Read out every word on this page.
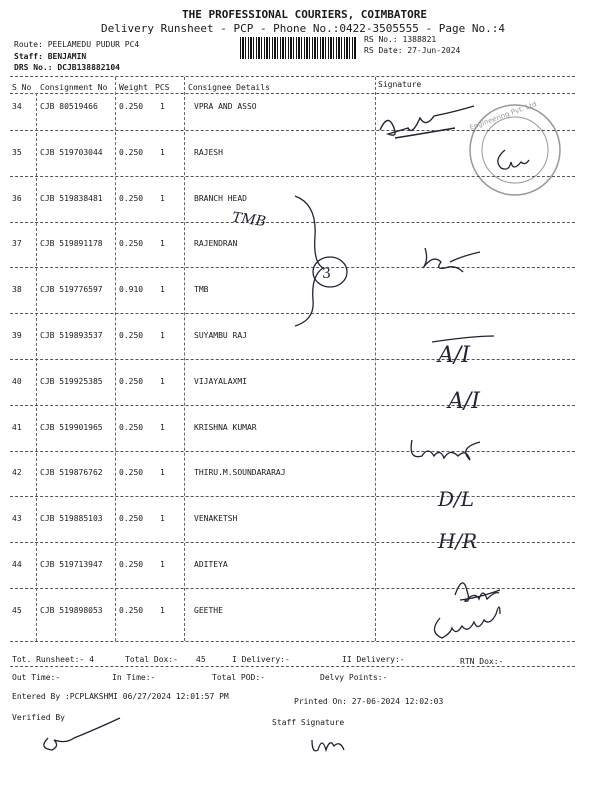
THE PROFESSIONAL COURIERS, COIMBATORE
Delivery Runsheet - PCP - Phone No.:0422-3505555 - Page No.:4
Route: PEELAMEDU PUDUR PC4
Staff: BENJAMIN
DRS No.: DCJB138882104
RS No.: 1388821
RS Date: 27-Jun-2024
S No Consignment No Weight PCS Consignee Details	Signature
34 CJB 80519466	0.250 1	VPRA AND ASSO
35 CJB 519703044 0.250 1	RAJESH
36 CJB 519838481 0.250 1	BRANCH HEAD
37 CJB 519891178 0.250 1	RAJENDRAN
38 CJB 519776597 0.910 1	TMB
39 CJB 519893537 0.250 1	SUYAMBU RAJ
40 CJB 519925385 0.250 1	VIJAYALAXMI
41 CJB 519901965 0.250 1	KRISHNA KUMAR
42 CJB 519876762 0.250 1	THIRU.M.SOUNDARARAJ
43 CJB 519885103 0.250 1	VENAKETSH
44 CJB 519713947 0.250 1	ADITEYA
45 CJB 519898053 0.250 1	GEETHE
Engineering Pvt. Ltd
TMB
3
A/I
A/I
D/L
H/R
Tot. Runsheet:- 4	Total Dox:- 45	I Delivery:-	II Delivery:-	RTN Dox:-
Out Time:-	In Time:-	Total POD:-	Delvy Points:-
Entered By :PCPLAKSHMI 06/27/2024 12:01:57 PM
Printed On: 27-06-2024 12:02:03
Verified By
Staff Signature
